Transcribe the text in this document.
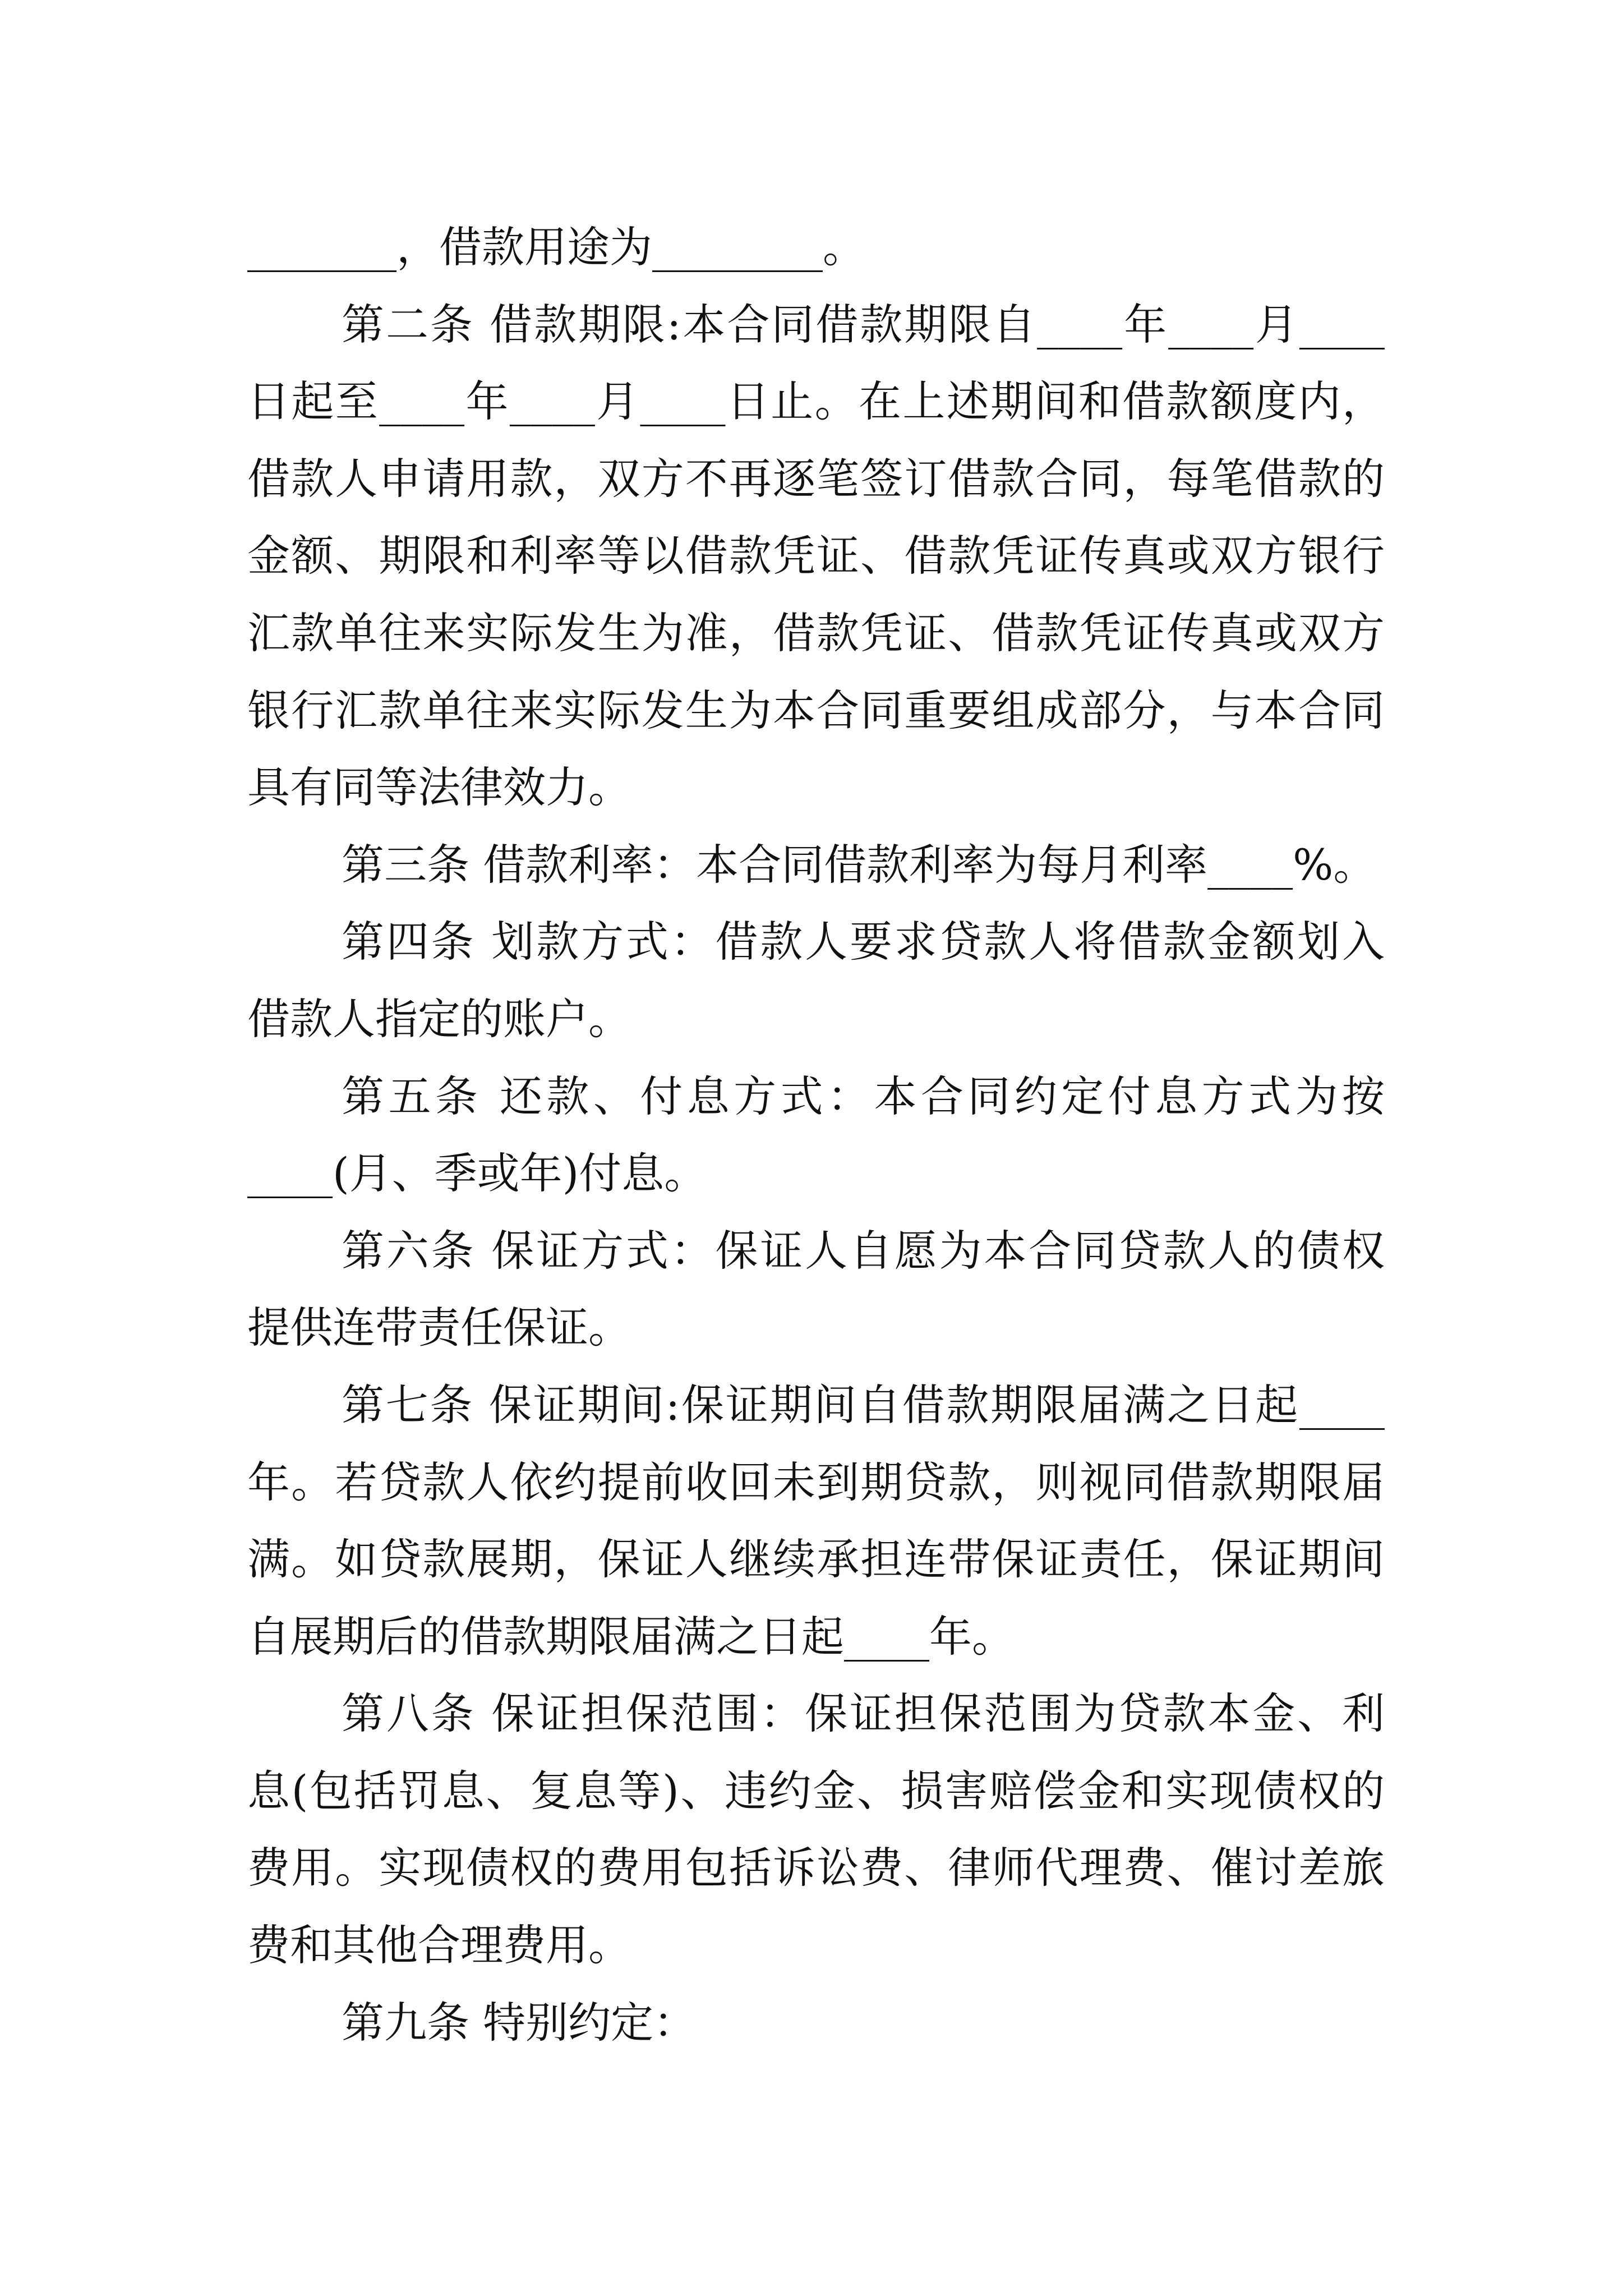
_______，借款用途为________。
第二条 借款期限:本合同借款期限自____年____月____
日起至____年____月____日止。在上述期间和借款额度内，
借款人申请用款，双方不再逐笔签订借款合同，每笔借款的
金额、期限和利率等以借款凭证、借款凭证传真或双方银行
汇款单往来实际发生为准，借款凭证、借款凭证传真或双方
银行汇款单往来实际发生为本合同重要组成部分，与本合同
具有同等法律效力。
第三条 借款利率：本合同借款利率为每月利率____%。
第四条 划款方式：借款人要求贷款人将借款金额划入
借款人指定的账户。
第五条 还款、付息方式：本合同约定付息方式为按
____(月、季或年)付息。
第六条 保证方式：保证人自愿为本合同贷款人的债权
提供连带责任保证。
第七条 保证期间:保证期间自借款期限届满之日起____
年。若贷款人依约提前收回未到期贷款，则视同借款期限届
满。如贷款展期，保证人继续承担连带保证责任，保证期间
自展期后的借款期限届满之日起____年。
第八条 保证担保范围：保证担保范围为贷款本金、利
息(包括罚息、复息等)、违约金、损害赔偿金和实现债权的
费用。实现债权的费用包括诉讼费、律师代理费、催讨差旅
费和其他合理费用。
第九条 特别约定：
